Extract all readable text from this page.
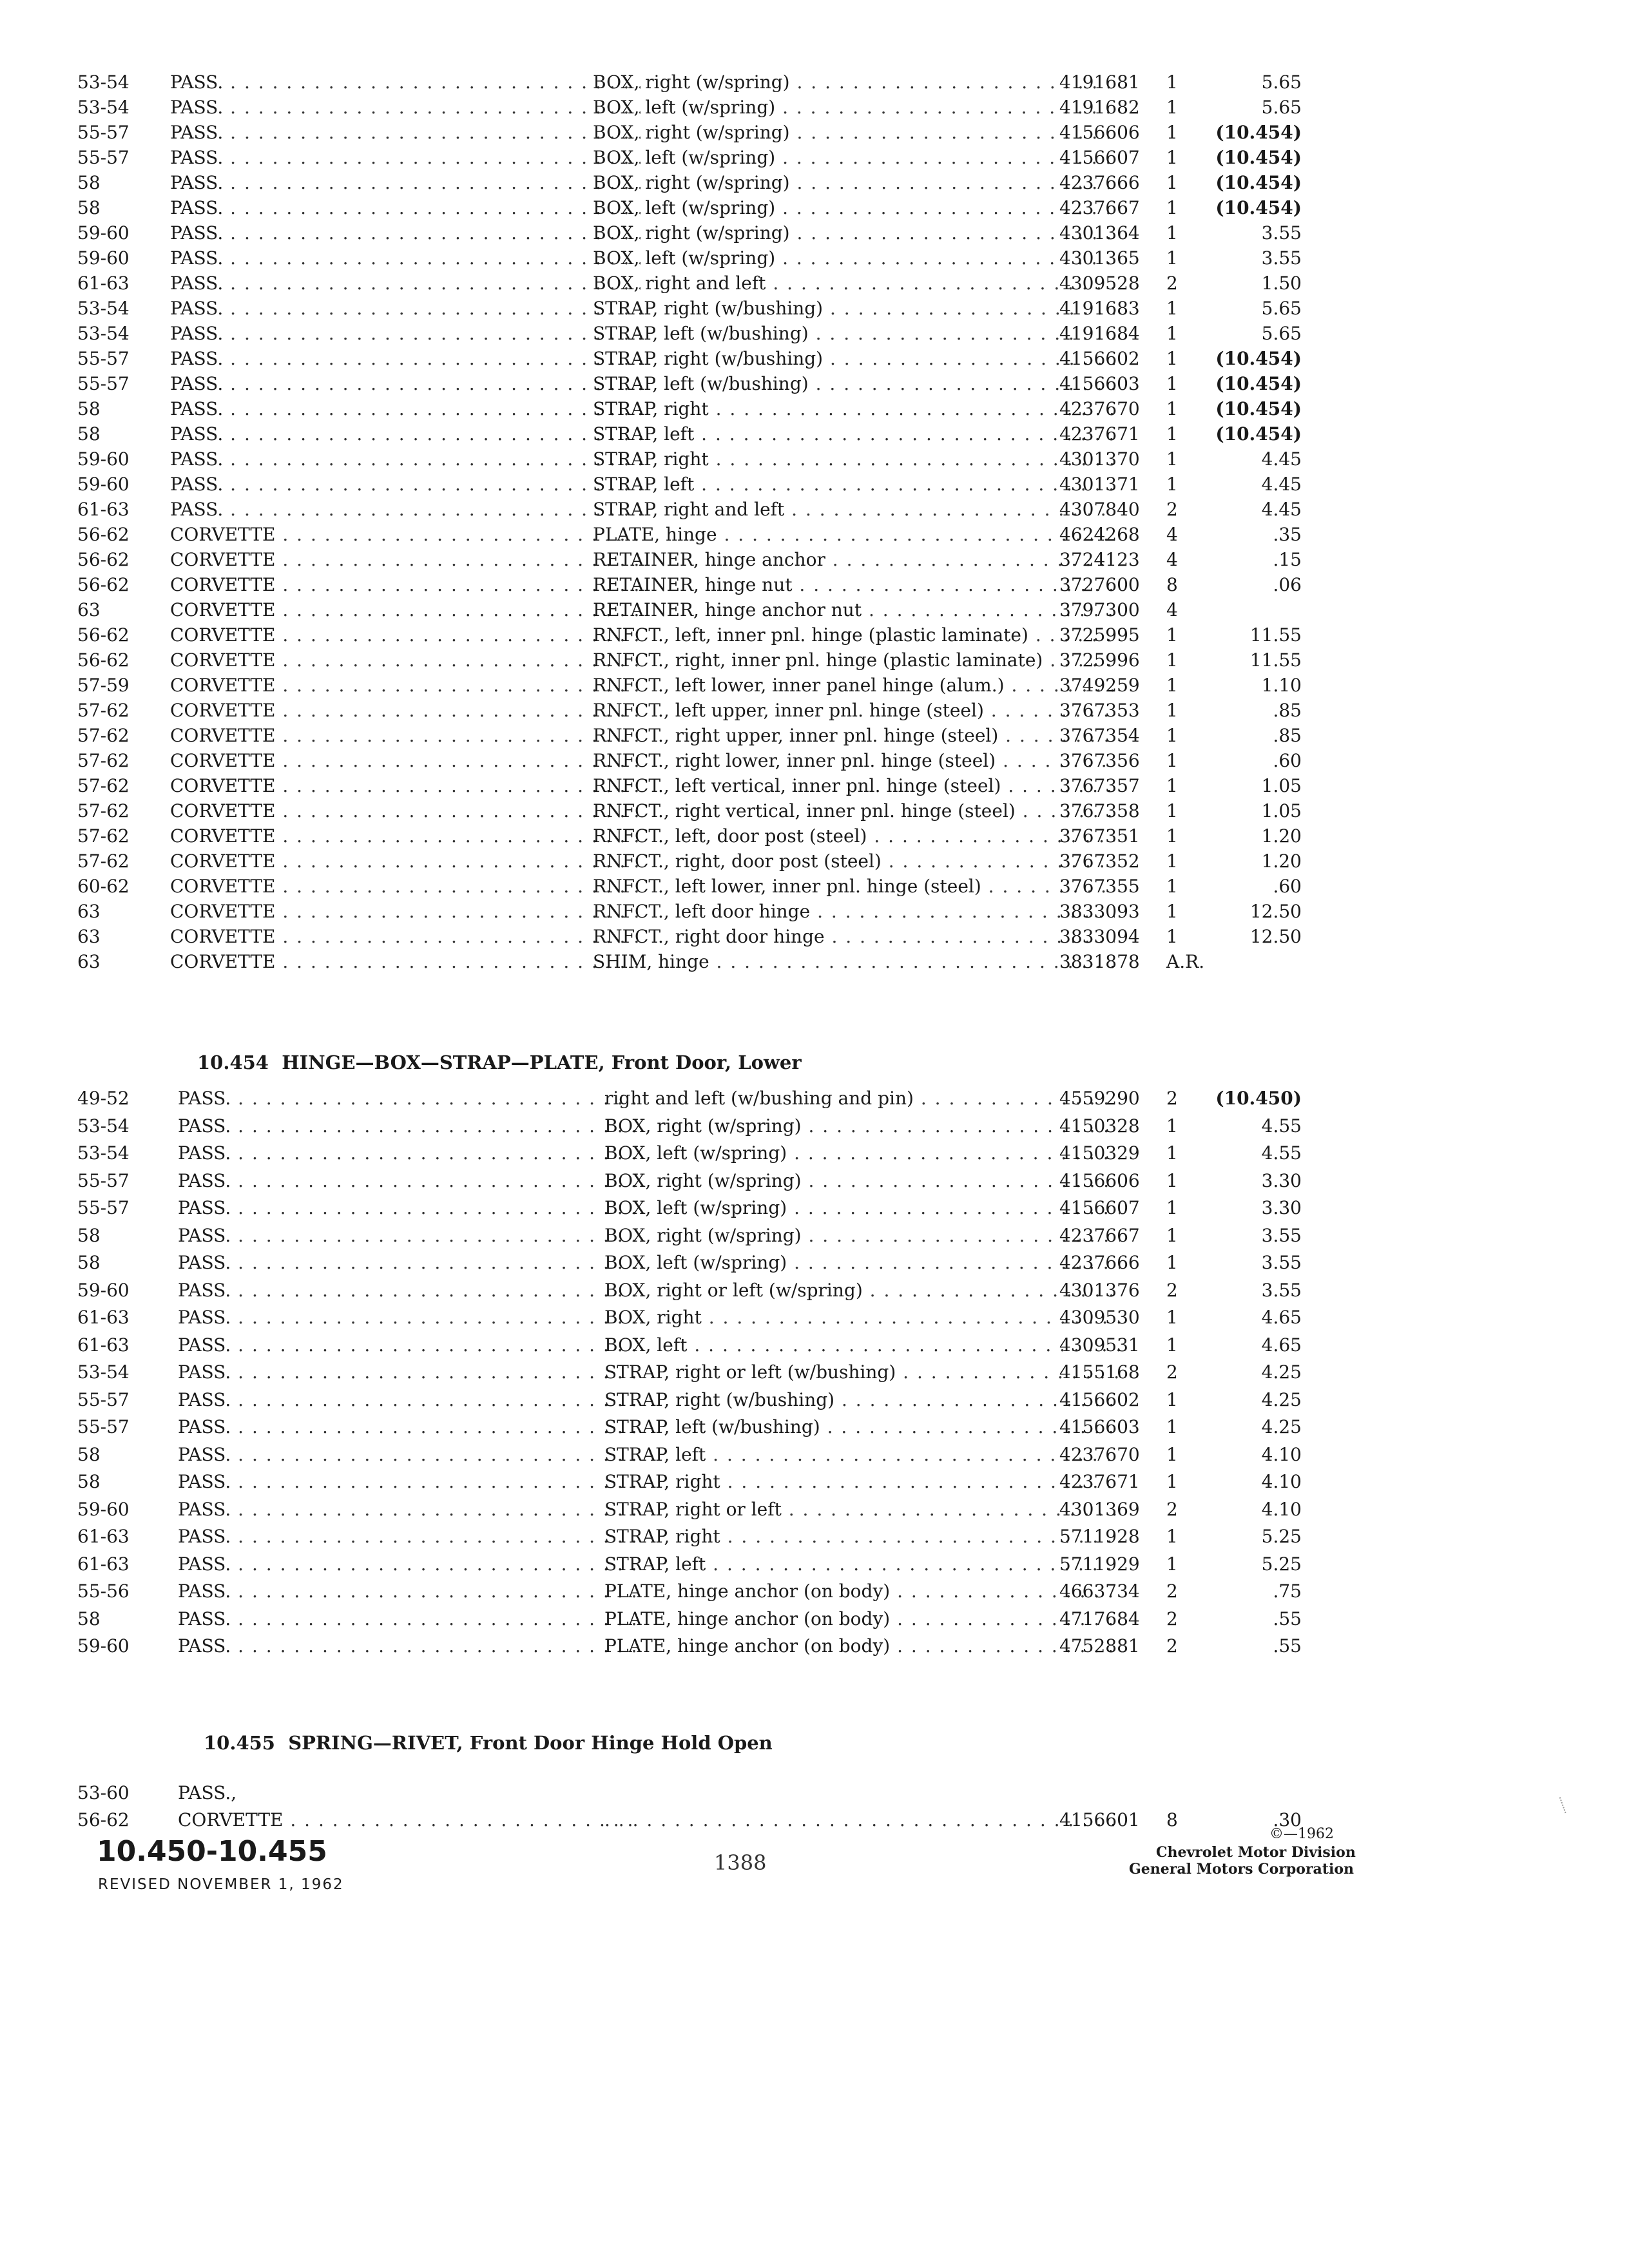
53-54	PASS. . . .	BOX, right (w/spring) . . .	4191681	1	5.65
53-54	PASS. . . .	BOX, left (w/spring) . . .	4191682	1	5.65
55-57	PASS. . . .	BOX, right (w/spring) . . .	4156606	1	(10.454)
55-57	PASS. . . .	BOX, left (w/spring) . . .	4156607	1	(10.454)
58	PASS. . . .	BOX, right (w/spring) . . .	4237666	1	(10.454)
58	PASS. . . .	BOX, left (w/spring) . . .	4237667	1	(10.454)
59-60	PASS. . . .	BOX, right (w/spring) . . .	4301364	1	3.55
59-60	PASS. . . .	BOX, left (w/spring) . . .	4301365	1	3.55
61-63	PASS. . . .	BOX, right and left . . .	4309528	2	1.50
53-54	PASS. . . .	STRAP, right (w/bushing) . . .	4191683	1	5.65
53-54	PASS. . . .	STRAP, left (w/bushing) . . .	4191684	1	5.65
55-57	PASS. . . .	STRAP, right (w/bushing) . . .	4156602	1	(10.454)
55-57	PASS. . . .	STRAP, left (w/bushing) . . .	4156603	1	(10.454)
58	PASS. . . .	STRAP, right . . .	4237670	1	(10.454)
58	PASS. . . .	STRAP, left . . .	4237671	1	(10.454)
59-60	PASS. . . .	STRAP, right . . .	4301370	1	4.45
59-60	PASS. . . .	STRAP, left . . .	4301371	1	4.45
61-63	PASS. . . .	STRAP, right and left . . .	4307840	2	4.45
56-62	CORVETTE . . .	PLATE, hinge . . .	4624268	4	.35
56-62	CORVETTE . . .	RETAINER, hinge anchor . . .	3724123	4	.15
56-62	CORVETTE . . .	RETAINER, hinge nut . . .	3727600	8	.06
63	CORVETTE . . .	RETAINER, hinge anchor nut . . .	3797300	4
56-62	CORVETTE . . .	RNFCT., left, inner pnl. hinge (plastic laminate) . . .	3725995	1	11.55
56-62	CORVETTE . . .	RNFCT., right, inner pnl. hinge (plastic laminate) . . . 3725996	1	11.55
57-59	CORVETTE . . .	RNFCT., left lower, inner panel hinge (alum.) . . .	3749259	1	1.10
57-62	CORVETTE . . .	RNFCT., left upper, inner pnl. hinge (steel) . . .	3767353	1	.85
57-62	CORVETTE . . .	RNFCT., right upper, inner pnl. hinge (steel) . . .	3767354	1	.85
57-62	CORVETTE . . .	RNFCT., right lower, inner pnl. hinge (steel) . . .	3767356	1	.60
57-62	CORVETTE . . .	RNFCT., left vertical, inner pnl. hinge (steel) . . .	3767357	1	1.05
57-62	CORVETTE . . .	RNFCT., right vertical, inner pnl. hinge (steel) . . .	3767358	1	1.05
57-62	CORVETTE . . .	RNFCT., left, door post (steel) . . .	3767351	1	1.20
57-62	CORVETTE . . .	RNFCT., right, door post (steel) . . .	3767352	1	1.20
60-62	CORVETTE . . .	RNFCT., left lower, inner pnl. hinge (steel) . . .	3767355	1	.60
63	CORVETTE . . .	RNFCT., left door hinge . . .	3833093	1	12.50
63	CORVETTE . . .	RNFCT., right door hinge . . .	3833094	1	12.50
63	CORVETTE . . .	SHIM, hinge . . .	3831878	A.R.
10.454 HINGE—BOX—STRAP—PLATE, Front Door, Lower
49-52	PASS. . . .	right and left (w/bushing and pin) . . .	4559290	2	(10.450)
53-54	PASS. . . .	BOX, right (w/spring) . . .	4150328	1	4.55
53-54	PASS. . . .	BOX, left (w/spring) . . .	4150329	1	4.55
55-57	PASS. . . .	BOX, right (w/spring) . . .	4156606	1	3.30
55-57	PASS. . . .	BOX, left (w/spring) . . .	4156607	1	3.30
58	PASS. . . .	BOX, right (w/spring) . . .	4237667	1	3.55
58	PASS. . . .	BOX, left (w/spring) . . .	4237666	1	3.55
59-60	PASS. . . .	BOX, right or left (w/spring) . . .	4301376	2	3.55
61-63	PASS. . . .	BOX, right . . .	4309530	1	4.65
61-63	PASS. . . .	BOX, left . . .	4309531	1	4.65
53-54	PASS. . . .	STRAP, right or left (w/bushing) . . .	4155168	2	4.25
55-57	PASS. . . .	STRAP, right (w/bushing) . . .	4156602	1	4.25
55-57	PASS. . . .	STRAP, left (w/bushing) . . .	4156603	1	4.25
58	PASS. . . .	STRAP, left . . .	4237670	1	4.10
58	PASS. . . .	STRAP, right . . .	4237671	1	4.10
59-60	PASS. . . .	STRAP, right or left . . .	4301369	2	4.10
61-63	PASS. . . .	STRAP, right . . .	5711928	1	5.25
61-63	PASS. . . .	STRAP, left . . .	5711929	1	5.25
55-56	PASS. . . .	PLATE, hinge anchor (on body) . . .	4663734	2	.75
58	PASS. . . .	PLATE, hinge anchor (on body) . . .	4717684	2	.55
59-60	PASS. . . .	PLATE, hinge anchor (on body) . . .	4752881	2	.55
10.455 SPRING—RIVET, Front Door Hinge Hold Open
53-60	PASS.,
56-62	CORVETTE . . .
. . .	4156601	8	.30
10.450-10.455
REVISED NOVEMBER 1, 1962
1388
©—1962
Chevrolet Motor Division
General Motors Corporation
